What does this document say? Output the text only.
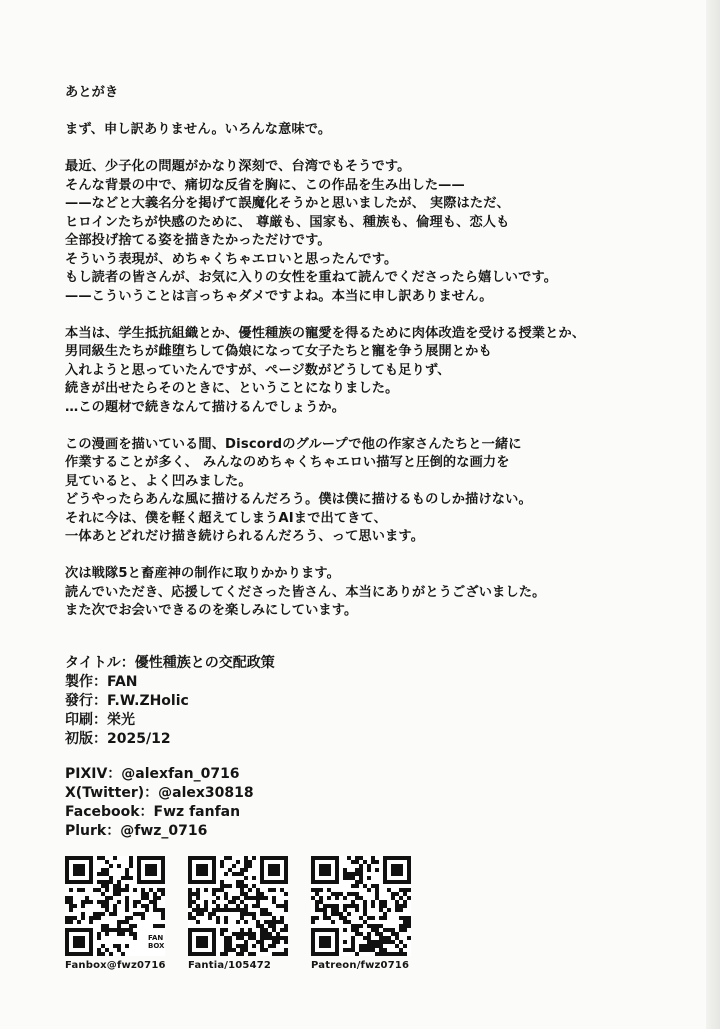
あとがき
まず、申し訳ありません。いろんな意味で。
最近、少子化の問題がかなり深刻で、台湾でもそうです。
そんな背景の中で、痛切な反省を胸に、この作品を生み出した——
——などと大義名分を掲げて誤魔化そうかと思いましたが、 実際はただ、
ヒロインたちが快感のために、 尊厳も、国家も、種族も、倫理も、恋人も
全部投げ捨てる姿を描きたかっただけです。
そういう表現が、めちゃくちゃエロいと思ったんです。
もし読者の皆さんが、お気に入りの女性を重ねて読んでくださったら嬉しいです。
——こういうことは言っちゃダメですよね。本当に申し訳ありません。
本当は、学生抵抗組織とか、優性種族の寵愛を得るために肉体改造を受ける授業とか、
男同級生たちが雌堕ちして偽娘になって女子たちと寵を争う展開とかも
入れようと思っていたんですが、ページ数がどうしても足りず、
続きが出せたらそのときに、ということになりました。
…この題材で続きなんて描けるんでしょうか。
この漫画を描いている間、Discordのグループで他の作家さんたちと一緒に
作業することが多く、 みんなのめちゃくちゃエロい描写と圧倒的な画力を
見ていると、よく凹みました。
どうやったらあんな風に描けるんだろう。僕は僕に描けるものしか描けない。
それに今は、僕を軽く超えてしまうAIまで出てきて、
一体あとどれだけ描き続けられるんだろう、って思います。
次は戦隊5と畜産神の制作に取りかかります。
読んでいただき、応援してくださった皆さん、本当にありがとうございました。
また次でお会いできるのを楽しみにしています。
タイトル：優性種族との交配政策
製作：FAN
發行：F.W.ZHolic
印刷：栄光
初版：2025/12
PIXIV：@alexfan_0716
X(Twitter)：@alex30818
Facebook：Fwz fanfan
Plurk：@fwz_0716
Fanbox@fwz0716
FAN
BOX
Fantia/105472	Patreon/fwz0716
